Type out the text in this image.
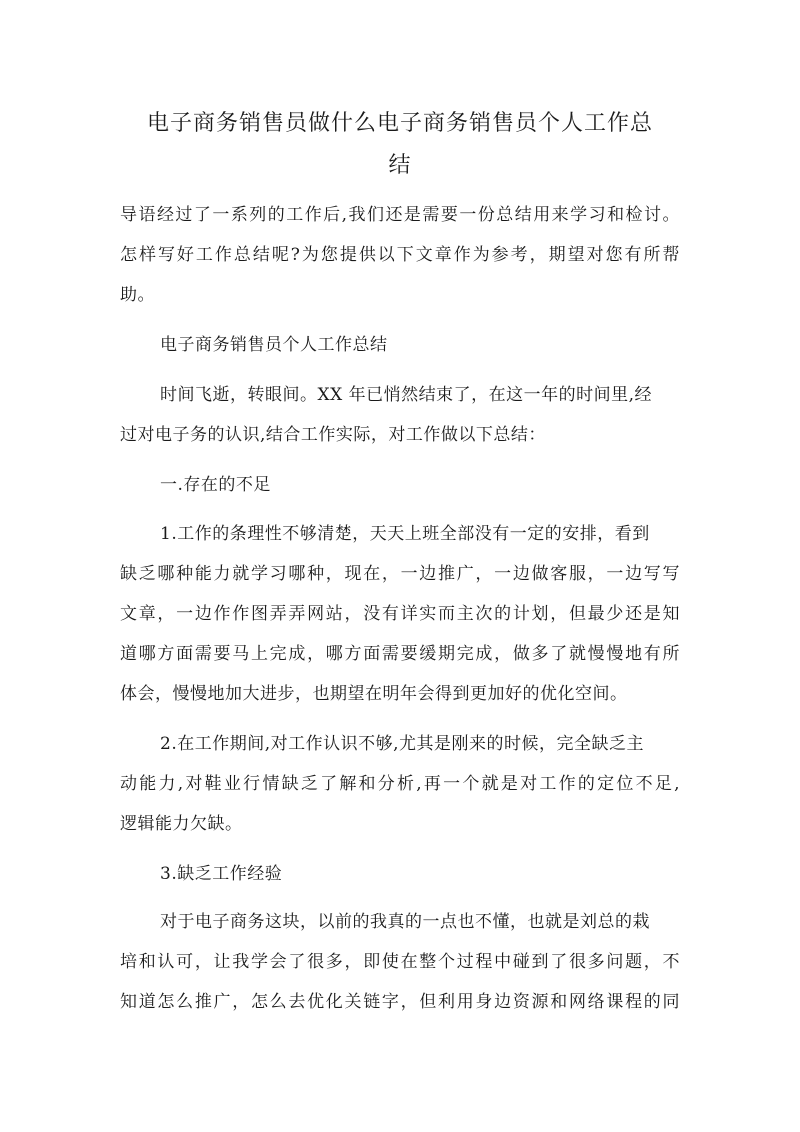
电子商务销售员做什么电子商务销售员个人工作总
结
导语经过了一系列的工作后,我们还是需要一份总结用来学习和检讨。
怎样写好工作总结呢?为您提供以下文章作为参考，期望对您有所帮
助。
电子商务销售员个人工作总结
时间飞逝，转眼间。XX 年已悄然结束了，在这一年的时间里,经
过对电子务的认识,结合工作实际，对工作做以下总结：
一.存在的不足
1.工作的条理性不够清楚，天天上班全部没有一定的安排，看到
缺乏哪种能力就学习哪种，现在，一边推广，一边做客服，一边写写
文章，一边作作图弄弄网站，没有详实而主次的计划，但最少还是知
道哪方面需要马上完成，哪方面需要缓期完成，做多了就慢慢地有所
体会，慢慢地加大进步，也期望在明年会得到更加好的优化空间。
2.在工作期间,对工作认识不够,尤其是刚来的时候，完全缺乏主
动能力,对鞋业行情缺乏了解和分析,再一个就是对工作的定位不足,
逻辑能力欠缺。
3.缺乏工作经验
对于电子商务这块，以前的我真的一点也不懂，也就是刘总的栽
培和认可，让我学会了很多，即使在整个过程中碰到了很多问题，不
知道怎么推广，怎么去优化关链字，但利用身边资源和网络课程的同
